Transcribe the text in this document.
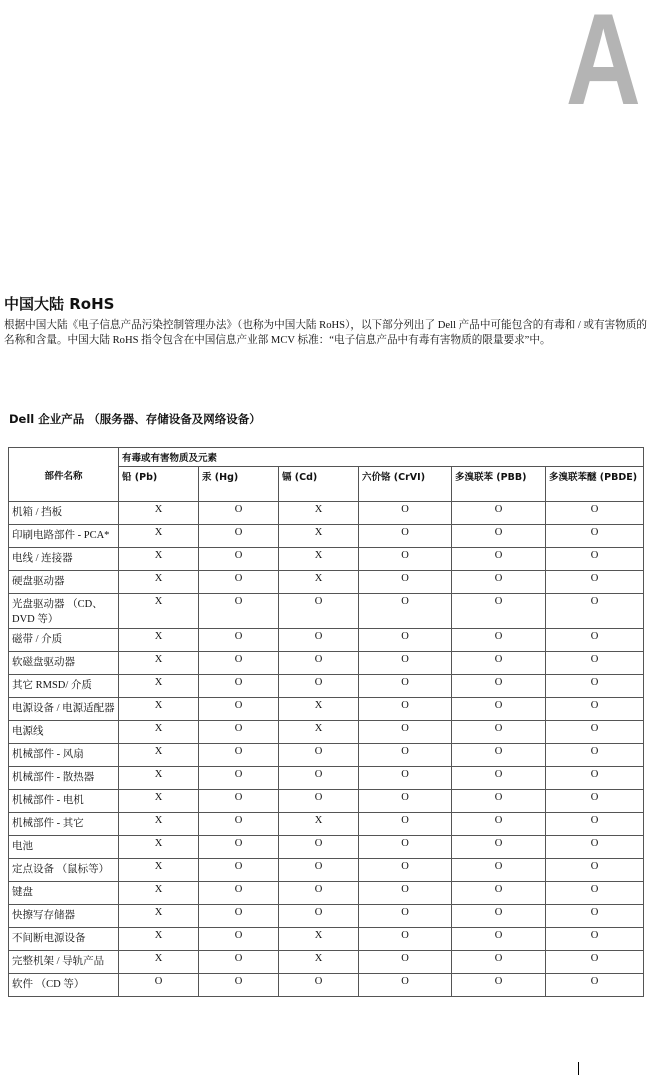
A
中国大陆 RoHS

根据中国大陆《电子信息产品污染控制管理办法》（也称为中国大陆 RoHS），以下部分列出了 Dell 产品中可能包含的有毒和 / 或有害物质的名称和含量。中国大陆 RoHS 指令包含在中国信息产业部 MCV 标准：“电子信息产品中有毒有害物质的限量要求”中。

Dell 企业产品 （服务器、存储设备及网络设备）
部件名称	有毒或有害物质及元素					
	铅 (Pb)	汞 (Hg)	镉 (Cd)	六价铬 (CrVI)	多溴联苯 (PBB)	多溴联苯醚 (PBDE)
机箱 / 挡板	X	O	X	O	O	O
印刷电路部件 - PCA*	X	O	X	O	O	O
电线 / 连接器	X	O	X	O	O	O
硬盘驱动器	X	O	X	O	O	O
光盘驱动器 （CD、 DVD 等）	X	O	O	O	O	O
磁带 / 介质	X	O	O	O	O	O
软磁盘驱动器	X	O	O	O	O	O
其它 RMSD/ 介质	X	O	O	O	O	O
电源设备 / 电源适配器	X	O	X	O	O	O
电源线	X	O	X	O	O	O
机械部件 - 风扇	X	O	O	O	O	O
机械部件 - 散热器	X	O	O	O	O	O
机械部件 - 电机	X	O	O	O	O	O
机械部件 - 其它	X	O	X	O	O	O
电池	X	O	O	O	O	O
定点设备 （鼠标等）	X	O	O	O	O	O
键盘	X	O	O	O	O	O
快擦写存储器	X	O	O	O	O	O
不间断电源设备	X	O	X	O	O	O
完整机架 / 导轨产品	X	O	X	O	O	O
软件 （CD 等）	O	O	O	O	O	O
